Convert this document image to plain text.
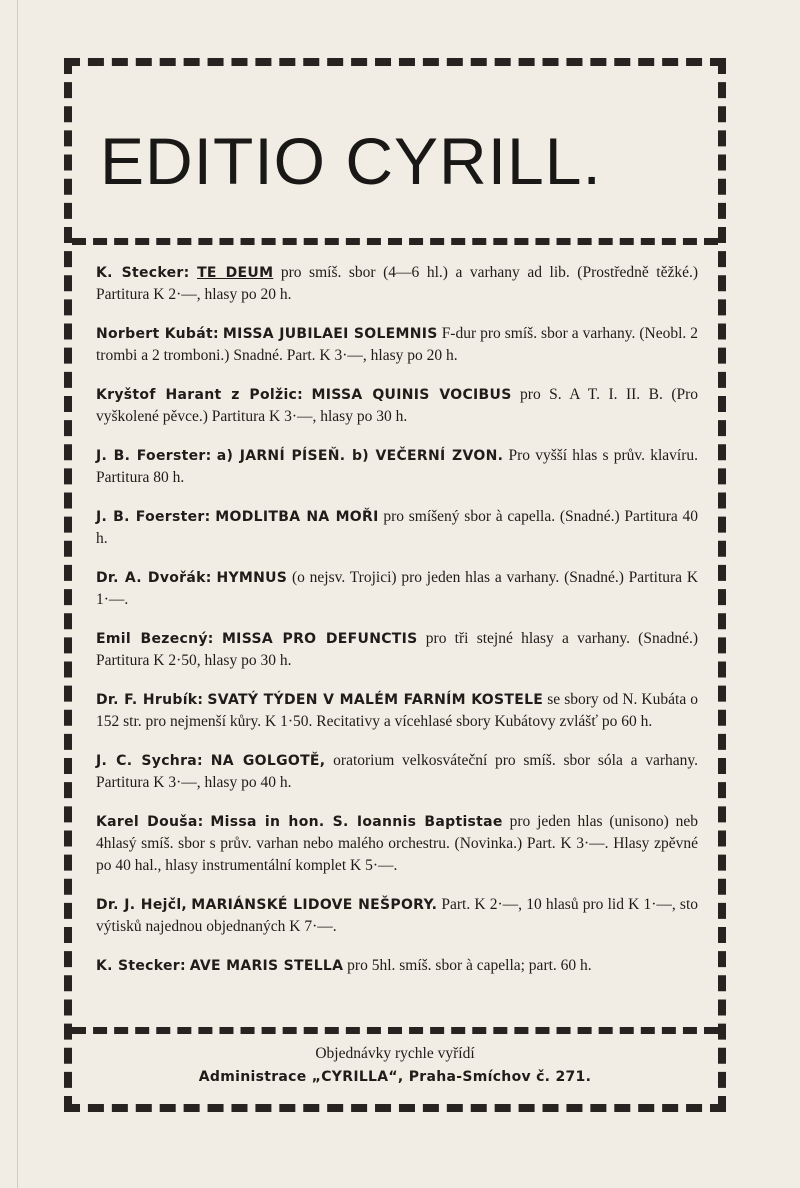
EDITIO CYRILL.
K. Stecker: TE DEUM pro smíš. sbor (4—6 hl.) a varhany ad lib. (Prostředně těžké.) Partitura K 2·—, hlasy po 20 h.
Norbert Kubát: MISSA JUBILAEI SOLEMNIS F-dur pro smíš. sbor a varhany. (Neobl. 2 trombi a 2 tromboni.) Snadné. Part. K 3·—, hlasy po 20 h.
Kryštof Harant z Polžic: MISSA QUINIS VOCIBUS pro S. A T. I. II. B. (Pro vyškolené pěvce.) Partitura K 3·—, hlasy po 30 h.
J. B. Foerster: a) JARNÍ PÍSEŇ. b) VEČERNÍ ZVON. Pro vyšší hlas s prův. klavíru. Partitura 80 h.
J. B. Foerster: MODLITBA NA MOŘI pro smíšený sbor à capella. (Snadné.) Partitura 40 h.
Dr. A. Dvořák: HYMNUS (o nejsv. Trojici) pro jeden hlas a varhany. (Snadné.) Partitura K 1·—.
Emil Bezecný: MISSA PRO DEFUNCTIS pro tři stejné hlasy a varhany. (Snadné.) Partitura K 2·50, hlasy po 30 h.
Dr. F. Hrubík: SVATÝ TÝDEN V MALÉM FARNÍM KOSTELE se sbory od N. Kubáta o 152 str. pro nejmenší kůry. K 1·50. Recitativy a vícehlasé sbory Kubátovy zvlášť po 60 h.
J. C. Sychra: NA GOLGOTĚ, oratorium velkosváteční pro smíš. sbor sóla a varhany. Partitura K 3·—, hlasy po 40 h.
Karel Douša: Missa in hon. S. Ioannis Baptistae pro jeden hlas (unisono) neb 4hlasý smíš. sbor s prův. varhan nebo malého orchestru. (Novinka.) Part. K 3·—. Hlasy zpěvné po 40 hal., hlasy instrumentální komplet K 5·—.
Dr. J. Hejčl, MARIÁNSKÉ LIDOVE NEŠPORY. Part. K 2·—, 10 hlasů pro lid K 1·—, sto výtisků najednou objednaných K 7·—.
K. Stecker: AVE MARIS STELLA pro 5hl. smíš. sbor à capella; part. 60 h.
Objednávky rychle vyřídí
Administrace „CYRILLA“, Praha-Smíchov č. 271.
